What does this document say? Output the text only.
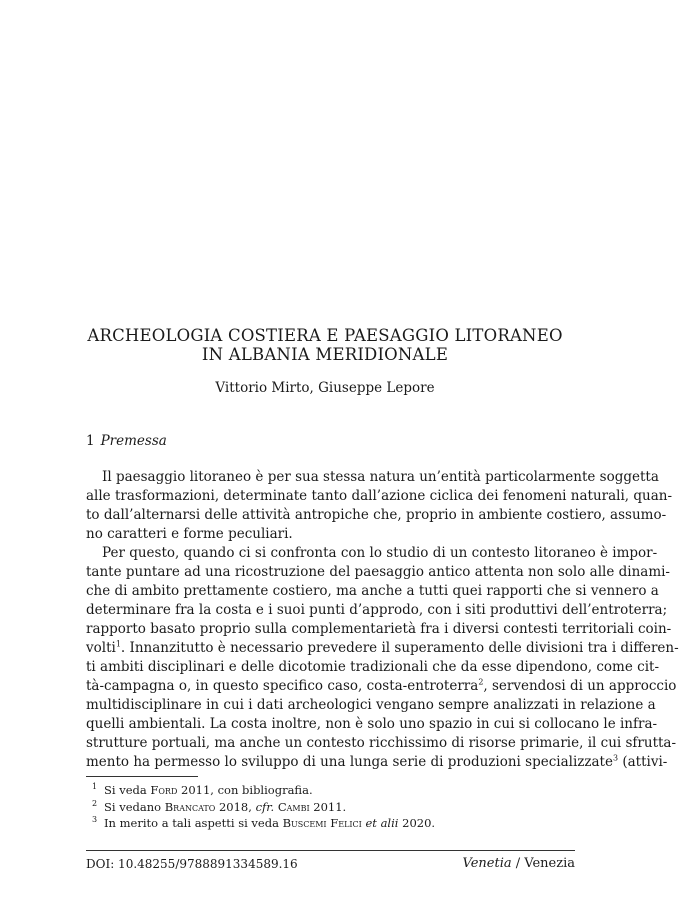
ARCHEOLOGIA COSTIERA E PAESAGGIO LITORANEO
IN ALBANIA MERIDIONALE
Vittorio Mirto, Giuseppe Lepore
1 Premessa
Il paesaggio litoraneo è per sua stessa natura un’entità particolarmente soggetta
alle trasformazioni, determinate tanto dall’azione ciclica dei fenomeni naturali, quan-
to dall’alternarsi delle attività antropiche che, proprio in ambiente costiero, assumo-
no caratteri e forme peculiari.
Per questo, quando ci si confronta con lo studio di un contesto litoraneo è impor-
tante puntare ad una ricostruzione del paesaggio antico attenta non solo alle dinami-
che di ambito prettamente costiero, ma anche a tutti quei rapporti che si vennero a
determinare fra la costa e i suoi punti d’approdo, con i siti produttivi dell’entroterra;
rapporto basato proprio sulla complementarietà fra i diversi contesti territoriali coin-
volti$^1$. Innanzitutto è necessario prevedere il superamento delle divisioni tra i differen-
ti ambiti disciplinari e delle dicotomie tradizionali che da esse dipendono, come cit-
tà-campagna o, in questo specifico caso, costa-entroterra$^2$, servendosi di un approccio
multidisciplinare in cui i dati archeologici vengano sempre analizzati in relazione a
quelli ambientali. La costa inoltre, non è solo uno spazio in cui si collocano le infra-
strutture portuali, ma anche un contesto ricchissimo di risorse primarie, il cui sfrutta-
mento ha permesso lo sviluppo di una lunga serie di produzioni specializzate$^3$ (attivi-
1 Si veda Ford 2011, con bibliografia.
2 Si vedano Brancato 2018, cfr. Cambi 2011.
3 In merito a tali aspetti si veda Buscemi Felici et alii 2020.
DOI: 10.48255/9788891334589.16	Venetia / Venezia
